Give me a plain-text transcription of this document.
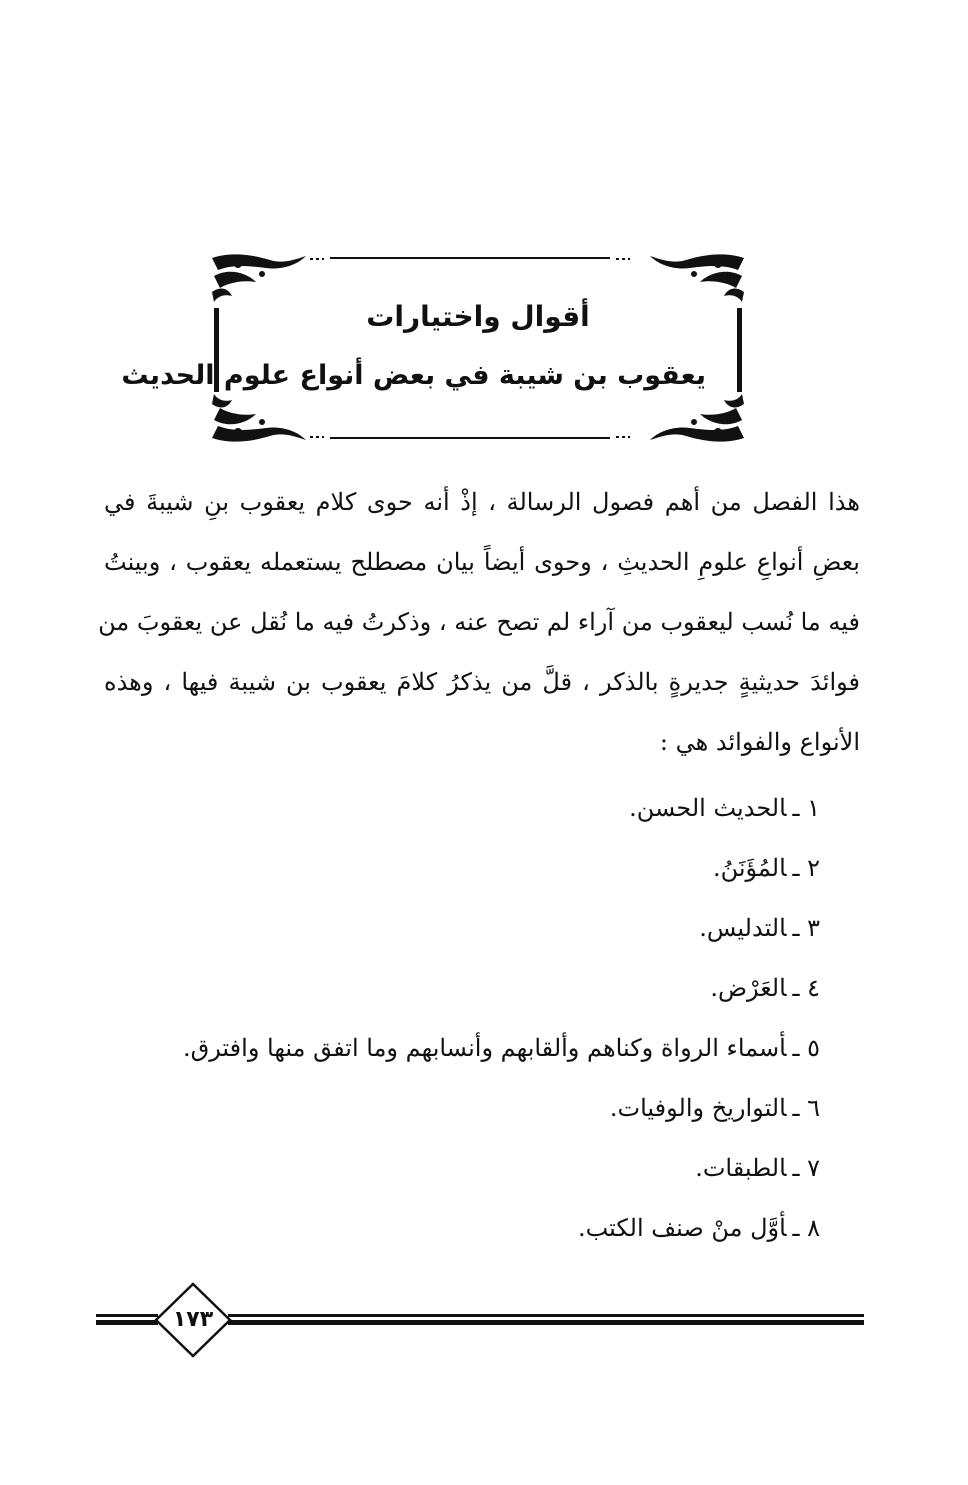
أقوال واختيارات
يعقوب بن شيبة في بعض أنواع علوم الحديث
هذا الفصل من أهم فصول الرسالة ، إذْ أنه حوى كلام يعقوب بنِ شيبةَ في
بعضِ أنواعِ علومِ الحديثِ ، وحوى أيضاً بيان مصطلح يستعمله يعقوب ، وبينتُ
فيه ما نُسب ليعقوب من آراء لم تصح عنه ، وذكرتُ فيه ما نُقل عن يعقوبَ من
فوائدَ حديثيةٍ جديرةٍ بالذكر ، قلَّ من يذكرُ كلامَ يعقوب بن شيبة فيها ، وهذه
الأنواع والفوائد هي :
١ ـالحديث الحسن.
٢ ـالمُؤَنَنُ.
٣ ـالتدليس.
٤ ـالعَرْض.
٥ ـأسماء الرواة وكناهم وألقابهم وأنسابهم وما اتفق منها وافترق.
٦ ـالتواريخ والوفيات.
٧ ـالطبقات.
٨ ـأوَّل منْ صنف الكتب.
١٧٣
